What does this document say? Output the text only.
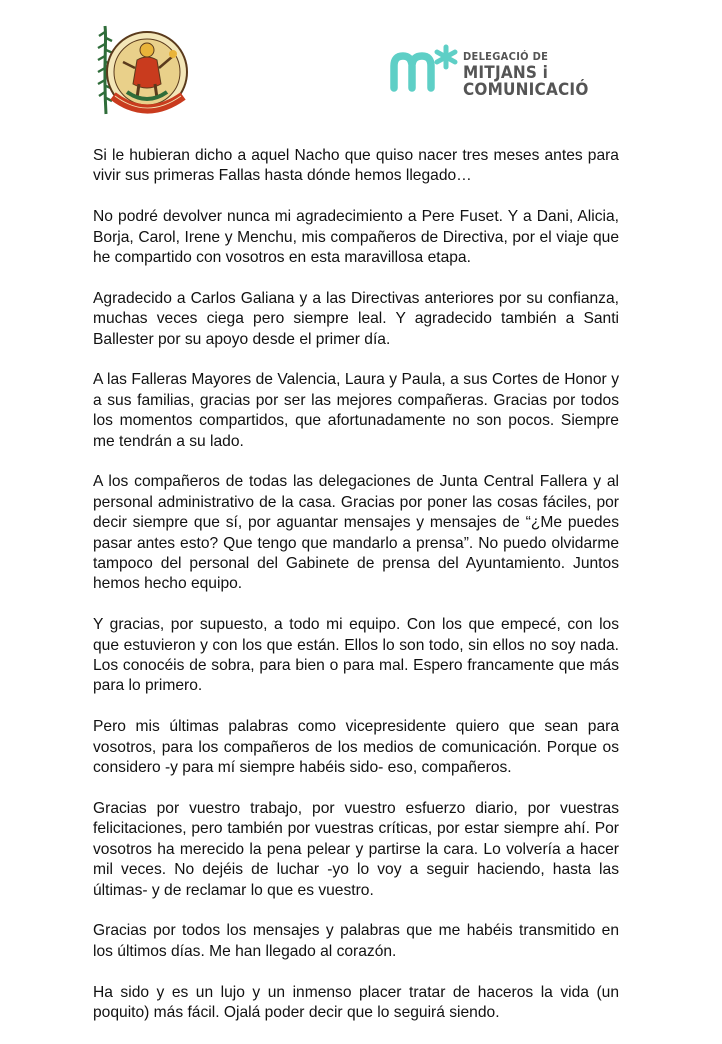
DELEGACIÓ DE
MITJANS i COMUNICACIÓ

Si le hubieran dicho a aquel Nacho que quiso nacer tres meses antes para vivir sus primeras Fallas hasta dónde hemos llegado…

No podré devolver nunca mi agradecimiento a Pere Fuset. Y a Dani, Alicia, Borja, Carol, Irene y Menchu, mis compañeros de Directiva, por el viaje que he compartido con vosotros en esta maravillosa etapa.

Agradecido a Carlos Galiana y a las Directivas anteriores por su confianza, muchas veces ciega pero siempre leal. Y agradecido también a Santi Ballester por su apoyo desde el primer día.

A las Falleras Mayores de Valencia, Laura y Paula, a sus Cortes de Honor y a sus familias, gracias por ser las mejores compañeras. Gracias por todos los momentos compartidos, que afortunadamente no son pocos. Siempre me tendrán a su lado.

A los compañeros de todas las delegaciones de Junta Central Fallera y al personal administrativo de la casa. Gracias por poner las cosas fáciles, por decir siempre que sí, por aguantar mensajes y mensajes de “¿Me puedes pasar antes esto? Que tengo que mandarlo a prensa”. No puedo olvidarme tampoco del personal del Gabinete de prensa del Ayuntamiento. Juntos hemos hecho equipo.

Y gracias, por supuesto, a todo mi equipo. Con los que empecé, con los que estuvieron y con los que están. Ellos lo son todo, sin ellos no soy nada. Los conocéis de sobra, para bien o para mal. Espero francamente que más para lo primero.

Pero mis últimas palabras como vicepresidente quiero que sean para vosotros, para los compañeros de los medios de comunicación. Porque os considero -y para mí siempre habéis sido- eso, compañeros.

Gracias por vuestro trabajo, por vuestro esfuerzo diario, por vuestras felicitaciones, pero también por vuestras críticas, por estar siempre ahí. Por vosotros ha merecido la pena pelear y partirse la cara. Lo volvería a hacer mil veces. No dejéis de luchar -yo lo voy a seguir haciendo, hasta las últimas- y de reclamar lo que es vuestro.

Gracias por todos los mensajes y palabras que me habéis transmitido en los últimos días. Me han llegado al corazón.

Ha sido y es un lujo y un inmenso placer tratar de haceros la vida (un poquito) más fácil. Ojalá poder decir que lo seguirá siendo.
